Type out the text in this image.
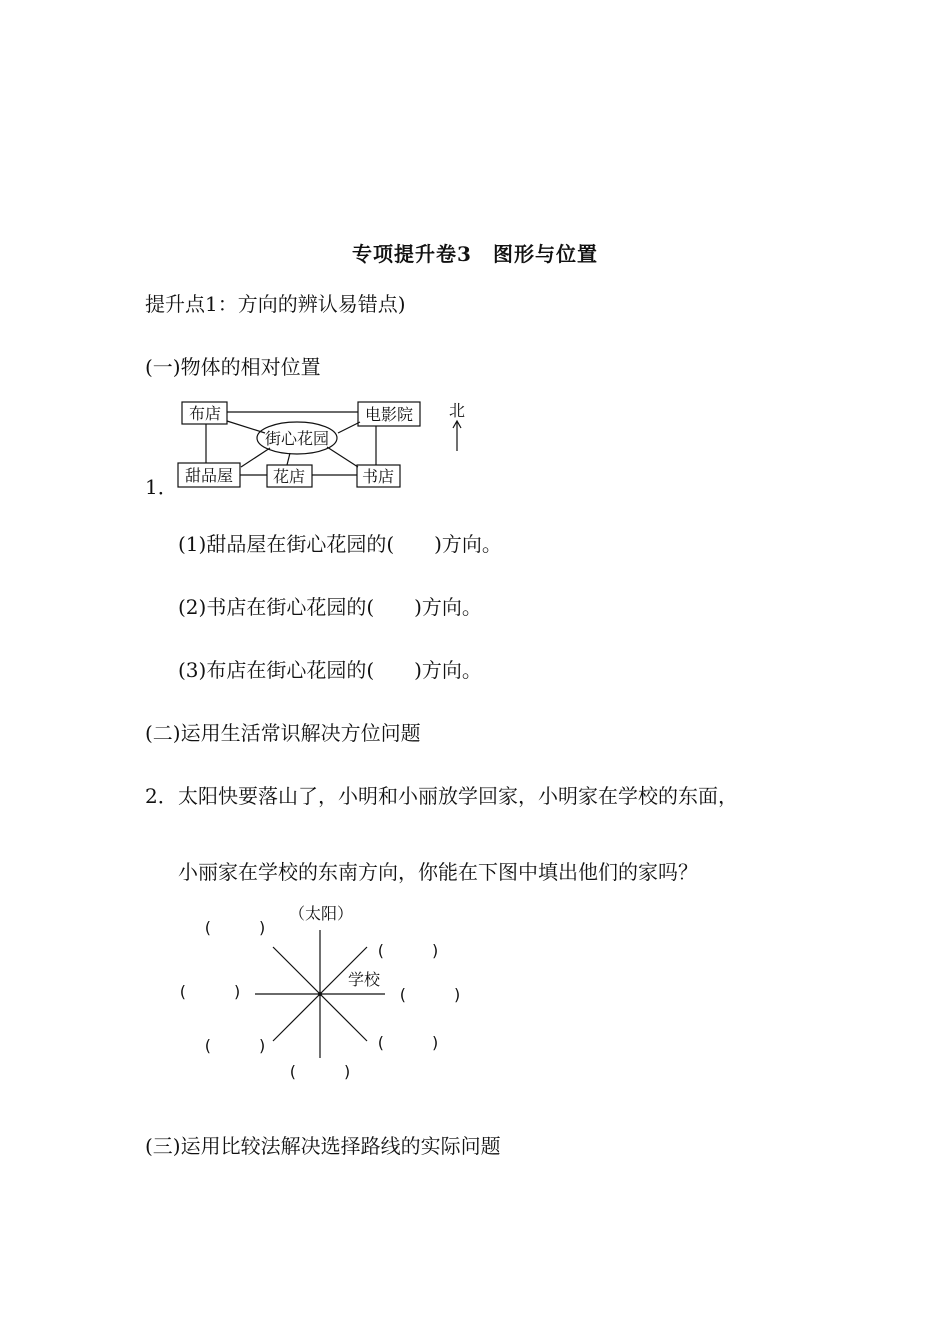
专项提升卷3　图形与位置
提升点1：方向的辨认易错点)
(一)物体的相对位置
1．
布店	电影院
街心花园
甜品屋 花店	书店
北
(1)甜品屋在街心花园的(　　)方向。
(2)书店在街心花园的(　　)方向。
(3)布店在街心花园的(　　)方向。
(二)运用生活常识解决方位问题
2． 太阳快要落山了，小明和小丽放学回家，小明家在学校的东面，
小丽家在学校的东南方向，你能在下图中填出他们的家吗？
（太阳）
学校
(　　　)
(　　　)
(　　　)	(　　　)
(　　　)	(　　　)
(　　　)
(三)运用比较法解决选择路线的实际问题
